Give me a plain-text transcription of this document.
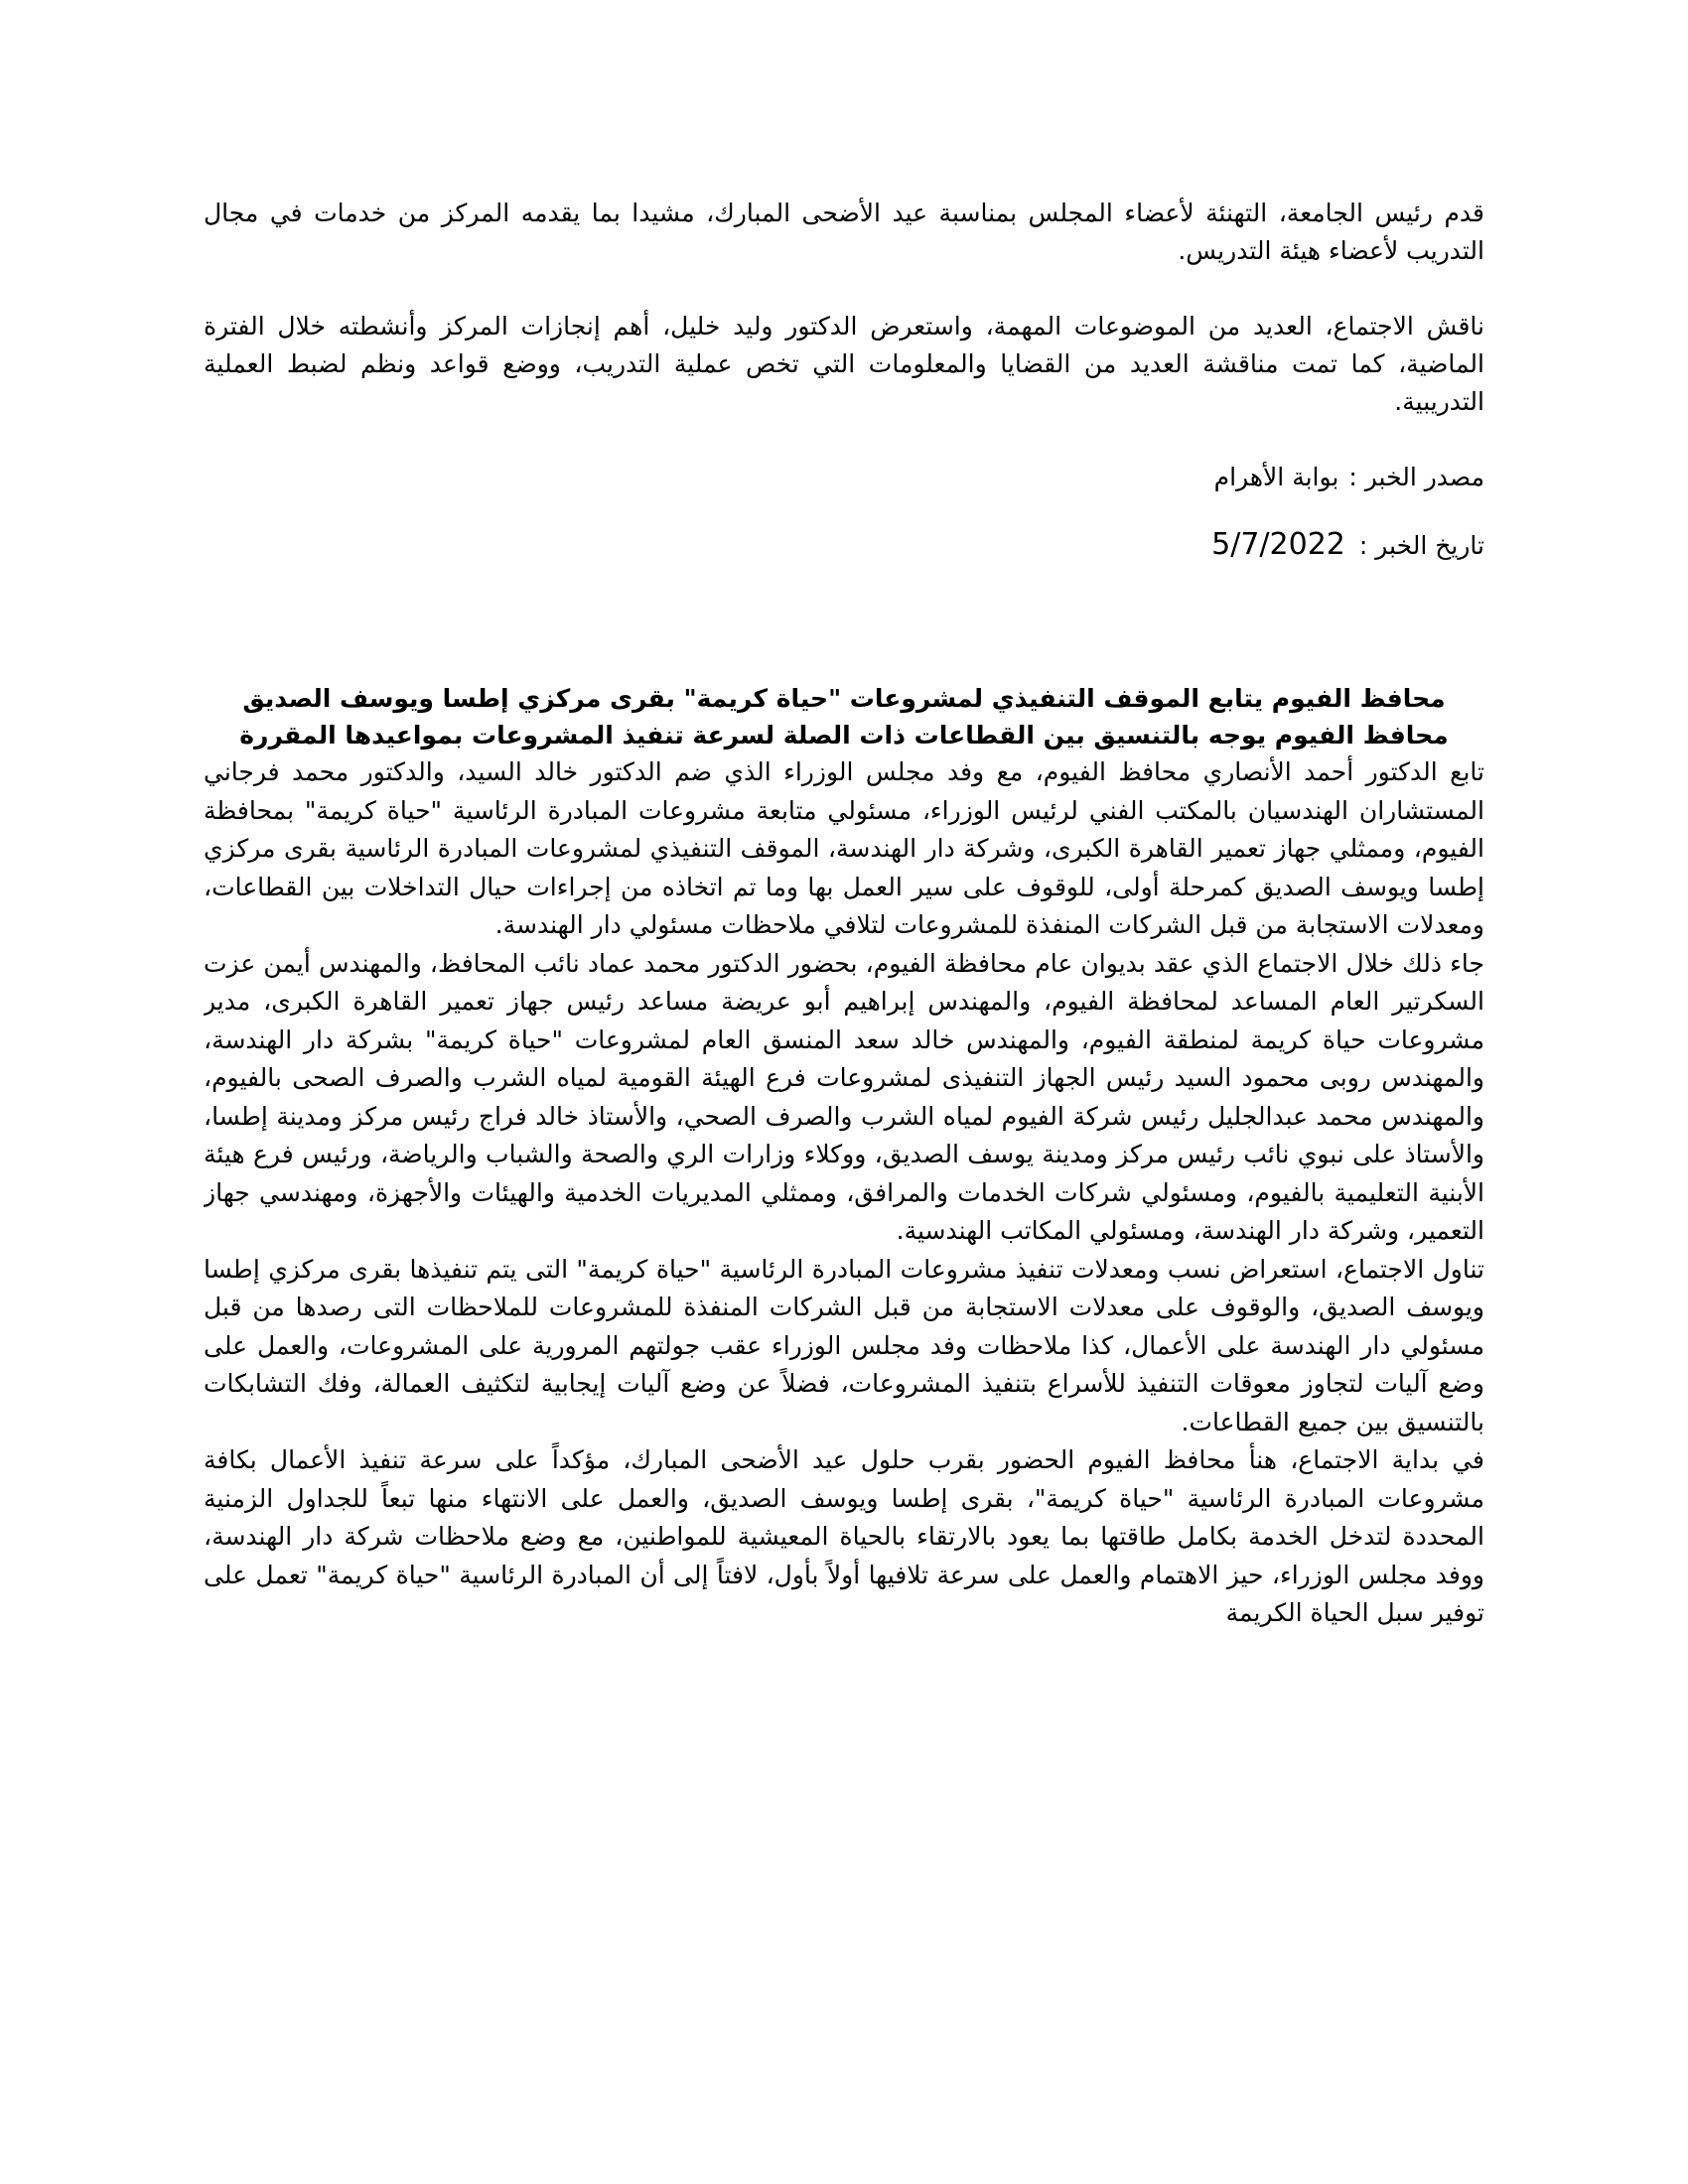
قدم رئيس الجامعة، التهنئة لأعضاء المجلس بمناسبة عيد الأضحى المبارك، مشيدا بما يقدمه المركز من خدمات في مجال التدريب لأعضاء هيئة التدريس.

ناقش الاجتماع، العديد من الموضوعات المهمة، واستعرض الدكتور وليد خليل، أهم إنجازات المركز وأنشطته خلال الفترة الماضية، كما تمت مناقشة العديد من القضايا والمعلومات التي تخص عملية التدريب، ووضع قواعد ونظم لضبط العملية التدريبية.

مصدر الخبر :بوابة الأهرام
تاريخ الخبر :5/7/2022
محافظ الفيوم يتابع الموقف التنفيذي لمشروعات "حياة كريمة" بقرى مركزي إطسا ويوسف الصديق
محافظ الفيوم يوجه بالتنسيق بين القطاعات ذات الصلة لسرعة تنفيذ المشروعات بمواعيدها المقررة

تابع الدكتور أحمد الأنصاري محافظ الفيوم، مع وفد مجلس الوزراء الذي ضم الدكتور خالد السيد، والدكتور محمد فرجاني المستشاران الهندسيان بالمكتب الفني لرئيس الوزراء، مسئولي متابعة مشروعات المبادرة الرئاسية "حياة كريمة" بمحافظة الفيوم، وممثلي جهاز تعمير القاهرة الكبرى، وشركة دار الهندسة، الموقف التنفيذي لمشروعات المبادرة الرئاسية بقرى مركزي إطسا ويوسف الصديق كمرحلة أولى، للوقوف على سير العمل بها وما تم اتخاذه من إجراءات حيال التداخلات بين القطاعات، ومعدلات الاستجابة من قبل الشركات المنفذة للمشروعات لتلافي ملاحظات مسئولي دار الهندسة.

جاء ذلك خلال الاجتماع الذي عقد بديوان عام محافظة الفيوم، بحضور الدكتور محمد عماد نائب المحافظ، والمهندس أيمن عزت السكرتير العام المساعد لمحافظة الفيوم، والمهندس إبراهيم أبو عريضة مساعد رئيس جهاز تعمير القاهرة الكبرى، مدير مشروعات حياة كريمة لمنطقة الفيوم، والمهندس خالد سعد المنسق العام لمشروعات "حياة كريمة" بشركة دار الهندسة، والمهندس روبى محمود السيد رئيس الجهاز التنفيذى لمشروعات فرع الهيئة القومية لمياه الشرب والصرف الصحى بالفيوم، والمهندس محمد عبدالجليل رئيس شركة الفيوم لمياه الشرب والصرف الصحي، والأستاذ خالد فراج رئيس مركز ومدينة إطسا، والأستاذ على نبوي نائب رئيس مركز ومدينة يوسف الصديق، ووكلاء وزارات الري والصحة والشباب والرياضة، ورئيس فرع هيئة الأبنية التعليمية بالفيوم، ومسئولي شركات الخدمات والمرافق، وممثلي المديريات الخدمية والهيئات والأجهزة، ومهندسي جهاز التعمير، وشركة دار الهندسة، ومسئولي المكاتب الهندسية.

تناول الاجتماع، استعراض نسب ومعدلات تنفيذ مشروعات المبادرة الرئاسية "حياة كريمة" التى يتم تنفيذها بقرى مركزي إطسا ويوسف الصديق، والوقوف على معدلات الاستجابة من قبل الشركات المنفذة للمشروعات للملاحظات التى رصدها من قبل مسئولي دار الهندسة على الأعمال، كذا ملاحظات وفد مجلس الوزراء عقب جولتهم المرورية على المشروعات، والعمل على وضع آليات لتجاوز معوقات التنفيذ للأسراع بتنفيذ المشروعات، فضلاً عن وضع آليات إيجابية لتكثيف العمالة، وفك التشابكات بالتنسيق بين جميع القطاعات.

في بداية الاجتماع، هنأ محافظ الفيوم الحضور بقرب حلول عيد الأضحى المبارك، مؤكداً على سرعة تنفيذ الأعمال بكافة مشروعات المبادرة الرئاسية "حياة كريمة"، بقرى إطسا ويوسف الصديق، والعمل على الانتهاء منها تبعاً للجداول الزمنية المحددة لتدخل الخدمة بكامل طاقتها بما يعود بالارتقاء بالحياة المعيشية للمواطنين، مع وضع ملاحظات شركة دار الهندسة، ووفد مجلس الوزراء، حيز الاهتمام والعمل على سرعة تلافيها أولاً بأول، لافتاً إلى أن المبادرة الرئاسية "حياة كريمة" تعمل على توفير سبل الحياة الكريمة
